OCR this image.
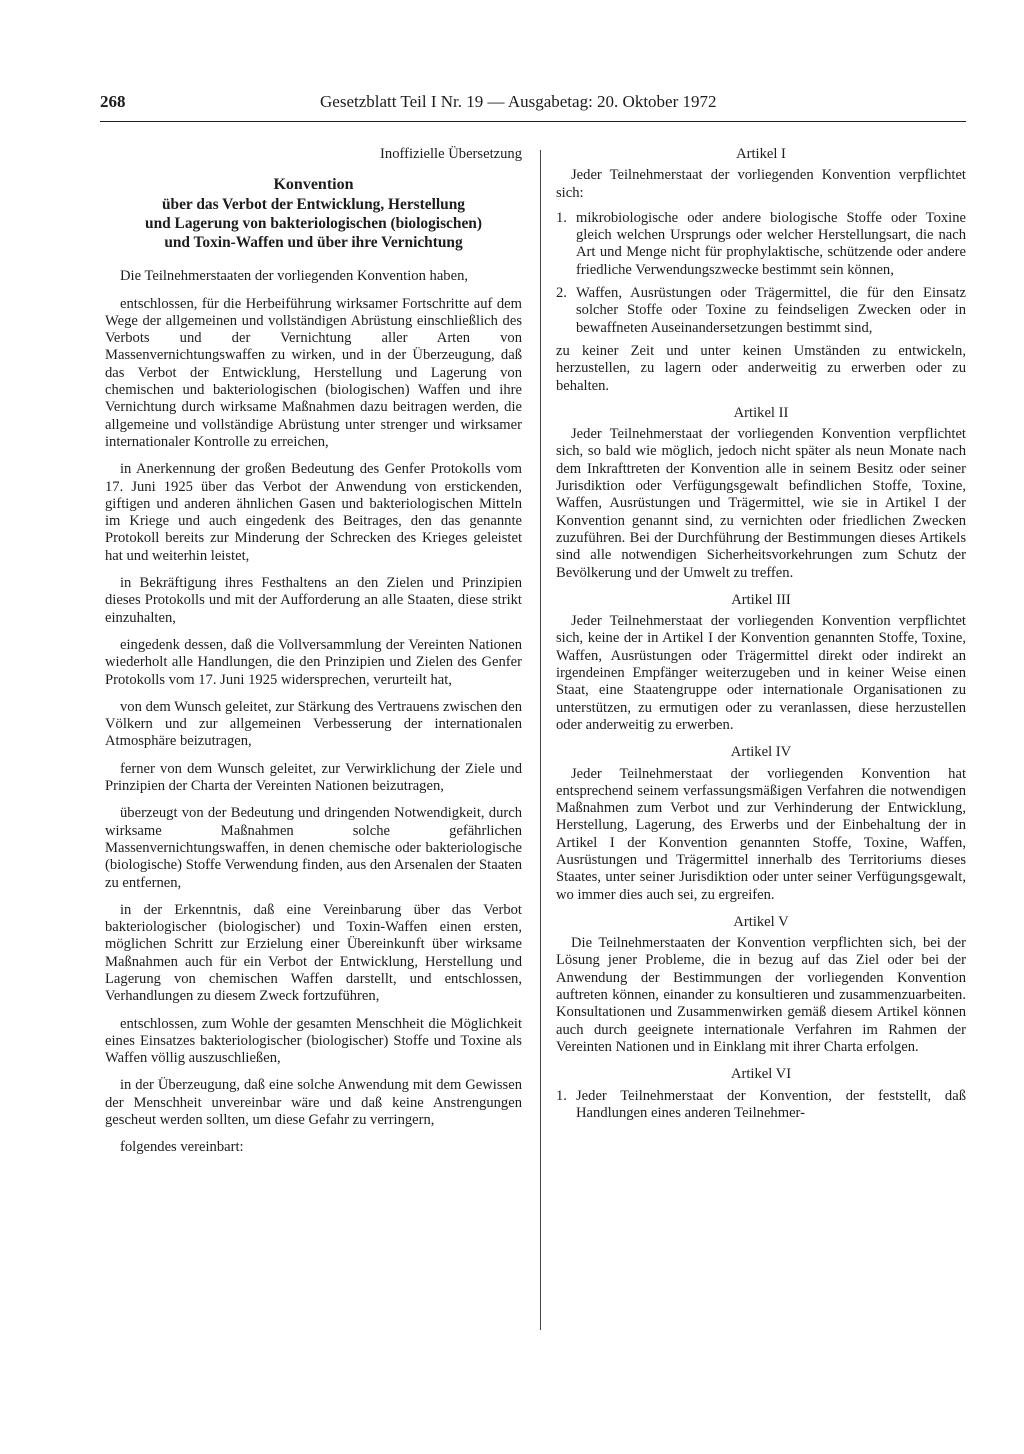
268	Gesetzblatt Teil I Nr. 19 — Ausgabetag: 20. Oktober 1972

Inoffizielle Übersetzung

Konvention
über das Verbot der Entwicklung, Herstellung
und Lagerung von bakteriologischen (biologischen)
und Toxin-Waffen und über ihre Vernichtung

Die Teilnehmerstaaten der vorliegenden Konvention haben,

entschlossen, für die Herbeiführung wirksamer Fortschritte auf dem Wege der allgemeinen und vollständigen Abrüstung einschließlich des Verbots und der Vernichtung aller Arten von Massenvernichtungswaffen zu wirken, und in der Überzeugung, daß das Verbot der Entwicklung, Herstellung und Lagerung von chemischen und bakteriologischen (biologischen) Waffen und ihre Vernichtung durch wirksame Maßnahmen dazu beitragen werden, die allgemeine und vollständige Abrüstung unter strenger und wirksamer internationaler Kontrolle zu erreichen,

in Anerkennung der großen Bedeutung des Genfer Protokolls vom 17. Juni 1925 über das Verbot der Anwendung von erstickenden, giftigen und anderen ähnlichen Gasen und bakteriologischen Mitteln im Kriege und auch eingedenk des Beitrages, den das genannte Protokoll bereits zur Minderung der Schrecken des Krieges geleistet hat und weiterhin leistet,

in Bekräftigung ihres Festhaltens an den Zielen und Prinzipien dieses Protokolls und mit der Aufforderung an alle Staaten, diese strikt einzuhalten,

eingedenk dessen, daß die Vollversammlung der Vereinten Nationen wiederholt alle Handlungen, die den Prinzipien und Zielen des Genfer Protokolls vom 17. Juni 1925 widersprechen, verurteilt hat,

von dem Wunsch geleitet, zur Stärkung des Vertrauens zwischen den Völkern und zur allgemeinen Verbesserung der internationalen Atmosphäre beizutragen,

ferner von dem Wunsch geleitet, zur Verwirklichung der Ziele und Prinzipien der Charta der Vereinten Nationen beizutragen,

überzeugt von der Bedeutung und dringenden Notwendigkeit, durch wirksame Maßnahmen solche gefährlichen Massenvernichtungswaffen, in denen chemische oder bakteriologische (biologische) Stoffe Verwendung finden, aus den Arsenalen der Staaten zu entfernen,

in der Erkenntnis, daß eine Vereinbarung über das Verbot bakteriologischer (biologischer) und Toxin-Waffen einen ersten, möglichen Schritt zur Erzielung einer Übereinkunft über wirksame Maßnahmen auch für ein Verbot der Entwicklung, Herstellung und Lagerung von chemischen Waffen darstellt, und entschlossen, Verhandlungen zu diesem Zweck fortzuführen,

entschlossen, zum Wohle der gesamten Menschheit die Möglichkeit eines Einsatzes bakteriologischer (biologischer) Stoffe und Toxine als Waffen völlig auszuschließen,

in der Überzeugung, daß eine solche Anwendung mit dem Gewissen der Menschheit unvereinbar wäre und daß keine Anstrengungen gescheut werden sollten, um diese Gefahr zu verringern,

folgendes vereinbart:

Artikel I

Jeder Teilnehmerstaat der vorliegenden Konvention verpflichtet sich:

1. mikrobiologische oder andere biologische Stoffe oder Toxine gleich welchen Ursprungs oder welcher Herstellungsart, die nach Art und Menge nicht für prophylaktische, schützende oder andere friedliche Verwendungszwecke bestimmt sein können,
2. Waffen, Ausrüstungen oder Trägermittel, die für den Einsatz solcher Stoffe oder Toxine zu feindseligen Zwecken oder in bewaffneten Auseinandersetzungen bestimmt sind,

zu keiner Zeit und unter keinen Umständen zu entwickeln, herzustellen, zu lagern oder anderweitig zu erwerben oder zu behalten.

Artikel II

Jeder Teilnehmerstaat der vorliegenden Konvention verpflichtet sich, so bald wie möglich, jedoch nicht später als neun Monate nach dem Inkrafttreten der Konvention alle in seinem Besitz oder seiner Jurisdiktion oder Verfügungsgewalt befindlichen Stoffe, Toxine, Waffen, Ausrüstungen und Trägermittel, wie sie in Artikel I der Konvention genannt sind, zu vernichten oder friedlichen Zwecken zuzuführen. Bei der Durchführung der Bestimmungen dieses Artikels sind alle notwendigen Sicherheitsvorkehrungen zum Schutz der Bevölkerung und der Umwelt zu treffen.

Artikel III

Jeder Teilnehmerstaat der vorliegenden Konvention verpflichtet sich, keine der in Artikel I der Konvention genannten Stoffe, Toxine, Waffen, Ausrüstungen oder Trägermittel direkt oder indirekt an irgendeinen Empfänger weiterzugeben und in keiner Weise einen Staat, eine Staatengruppe oder internationale Organisationen zu unterstützen, zu ermutigen oder zu veranlassen, diese herzustellen oder anderweitig zu erwerben.

Artikel IV

Jeder Teilnehmerstaat der vorliegenden Konvention hat entsprechend seinem verfassungsmäßigen Verfahren die notwendigen Maßnahmen zum Verbot und zur Verhinderung der Entwicklung, Herstellung, Lagerung, des Erwerbs und der Einbehaltung der in Artikel I der Konvention genannten Stoffe, Toxine, Waffen, Ausrüstungen und Trägermittel innerhalb des Territoriums dieses Staates, unter seiner Jurisdiktion oder unter seiner Verfügungsgewalt, wo immer dies auch sei, zu ergreifen.

Artikel V

Die Teilnehmerstaaten der Konvention verpflichten sich, bei der Lösung jener Probleme, die in bezug auf das Ziel oder bei der Anwendung der Bestimmungen der vorliegenden Konvention auftreten können, einander zu konsultieren und zusammenzuarbeiten. Konsultationen und Zusammenwirken gemäß diesem Artikel können auch durch geeignete internationale Verfahren im Rahmen der Vereinten Nationen und in Einklang mit ihrer Charta erfolgen.

Artikel VI

1. Jeder Teilnehmerstaat der Konvention, der feststellt, daß Handlungen eines anderen Teilnehmer-
